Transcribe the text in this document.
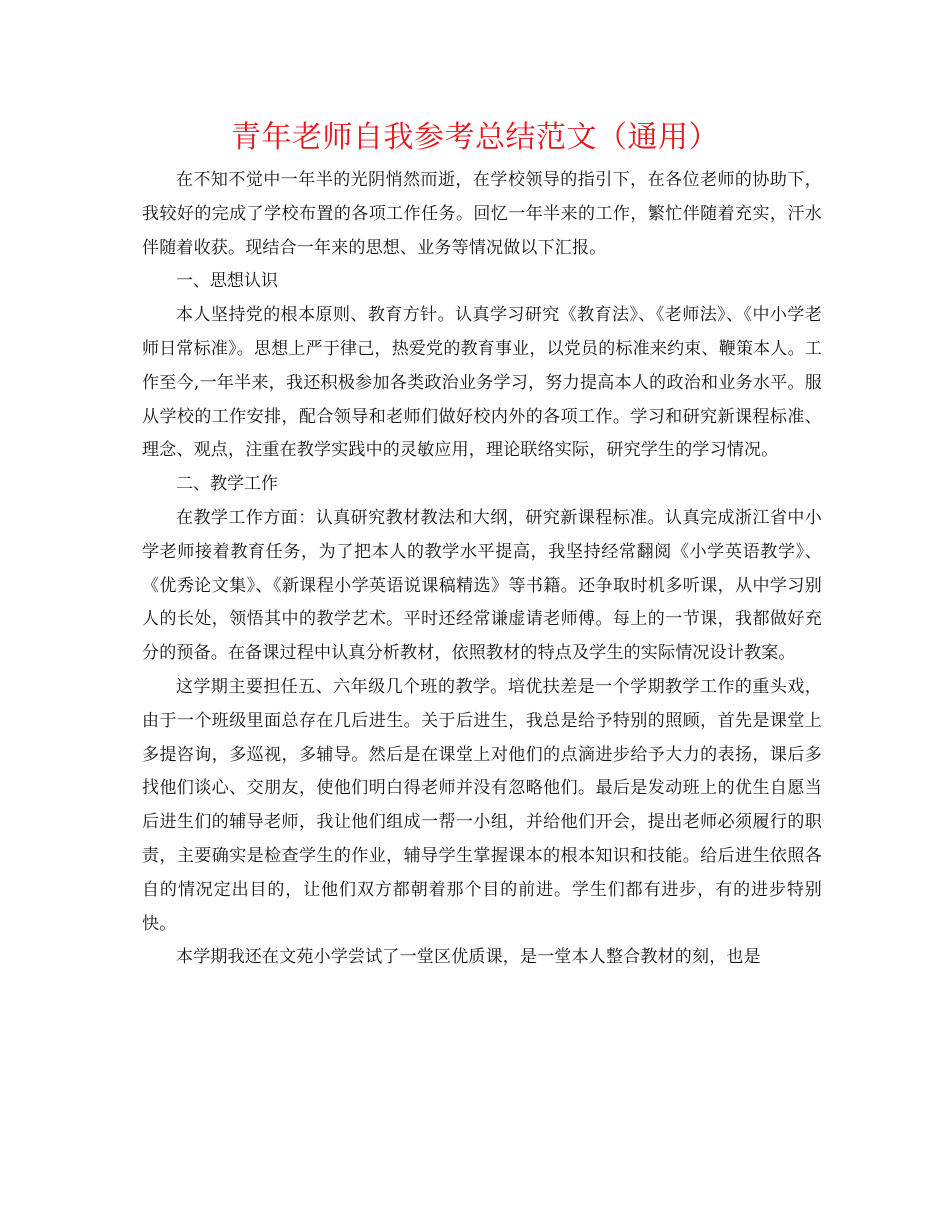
青年老师自我参考总结范文（通用）

在不知不觉中一年半的光阴悄然而逝，在学校领导的指引下，在各位老师的协助下，我较好的完成了学校布置的各项工作任务。回忆一年半来的工作，繁忙伴随着充实，汗水伴随着收获。现结合一年来的思想、业务等情况做以下汇报。

一、思想认识

本人坚持党的根本原则、教育方针。认真学习研究《教育法》、《老师法》、《中小学老师日常标准》。思想上严于律己，热爱党的教育事业，以党员的标准来约束、鞭策本人。工作至今,一年半来，我还积极参加各类政治业务学习，努力提高本人的政治和业务水平。服从学校的工作安排，配合领导和老师们做好校内外的各项工作。学习和研究新课程标准、理念、观点，注重在教学实践中的灵敏应用，理论联络实际，研究学生的学习情况。

二、教学工作

在教学工作方面：认真研究教材教法和大纲，研究新课程标准。认真完成浙江省中小学老师接着教育任务，为了把本人的教学水平提高，我坚持经常翻阅《小学英语教学》、《优秀论文集》、《新课程小学英语说课稿精选》等书籍。还争取时机多听课，从中学习别人的长处，领悟其中的教学艺术。平时还经常谦虚请老师傅。每上的一节课，我都做好充分的预备。在备课过程中认真分析教材，依照教材的特点及学生的实际情况设计教案。

这学期主要担任五、六年级几个班的教学。培优扶差是一个学期教学工作的重头戏，由于一个班级里面总存在几后进生。关于后进生，我总是给予特别的照顾，首先是课堂上多提咨询，多巡视，多辅导。然后是在课堂上对他们的点滴进步给予大力的表扬，课后多找他们谈心、交朋友，使他们明白得老师并没有忽略他们。最后是发动班上的优生自愿当后进生们的辅导老师，我让他们组成一帮一小组，并给他们开会，提出老师必须履行的职责，主要确实是检查学生的作业，辅导学生掌握课本的根本知识和技能。给后进生依照各自的情况定出目的，让他们双方都朝着那个目的前进。学生们都有进步，有的进步特别快。

本学期我还在文苑小学尝试了一堂区优质课，是一堂本人整合教材的刻，也是
